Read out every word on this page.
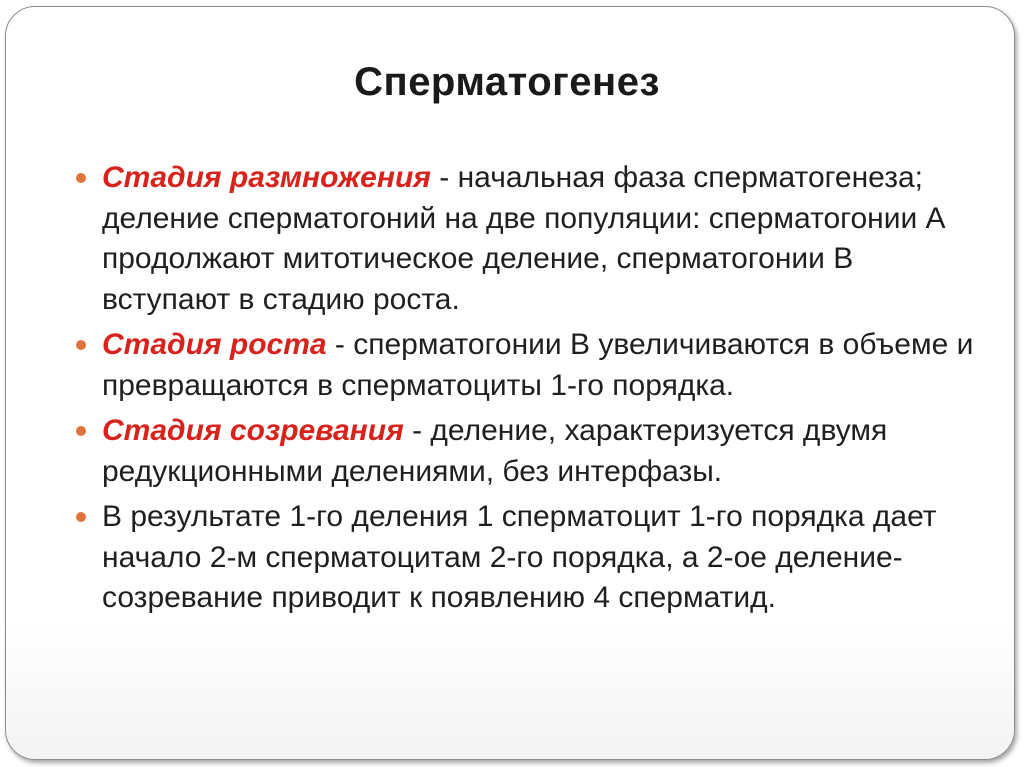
Сперматогенез
Стадия размножения - начальная фаза сперматогенеза; деление сперматогоний на две популяции: сперматогонии А продолжают митотическое деление, сперматогонии В вступают в стадию роста.
Стадия роста - сперматогонии В увеличиваются в объеме и превращаются в сперматоциты 1-го порядка.
Стадия созревания - деление, характеризуется двумя редукционными делениями, без интерфазы.
В результате 1-го деления 1 сперматоцит 1-го порядка дает начало 2-м сперматоцитам 2-го порядка, а 2-ое деление-созревание приводит к появлению 4 сперматид.
